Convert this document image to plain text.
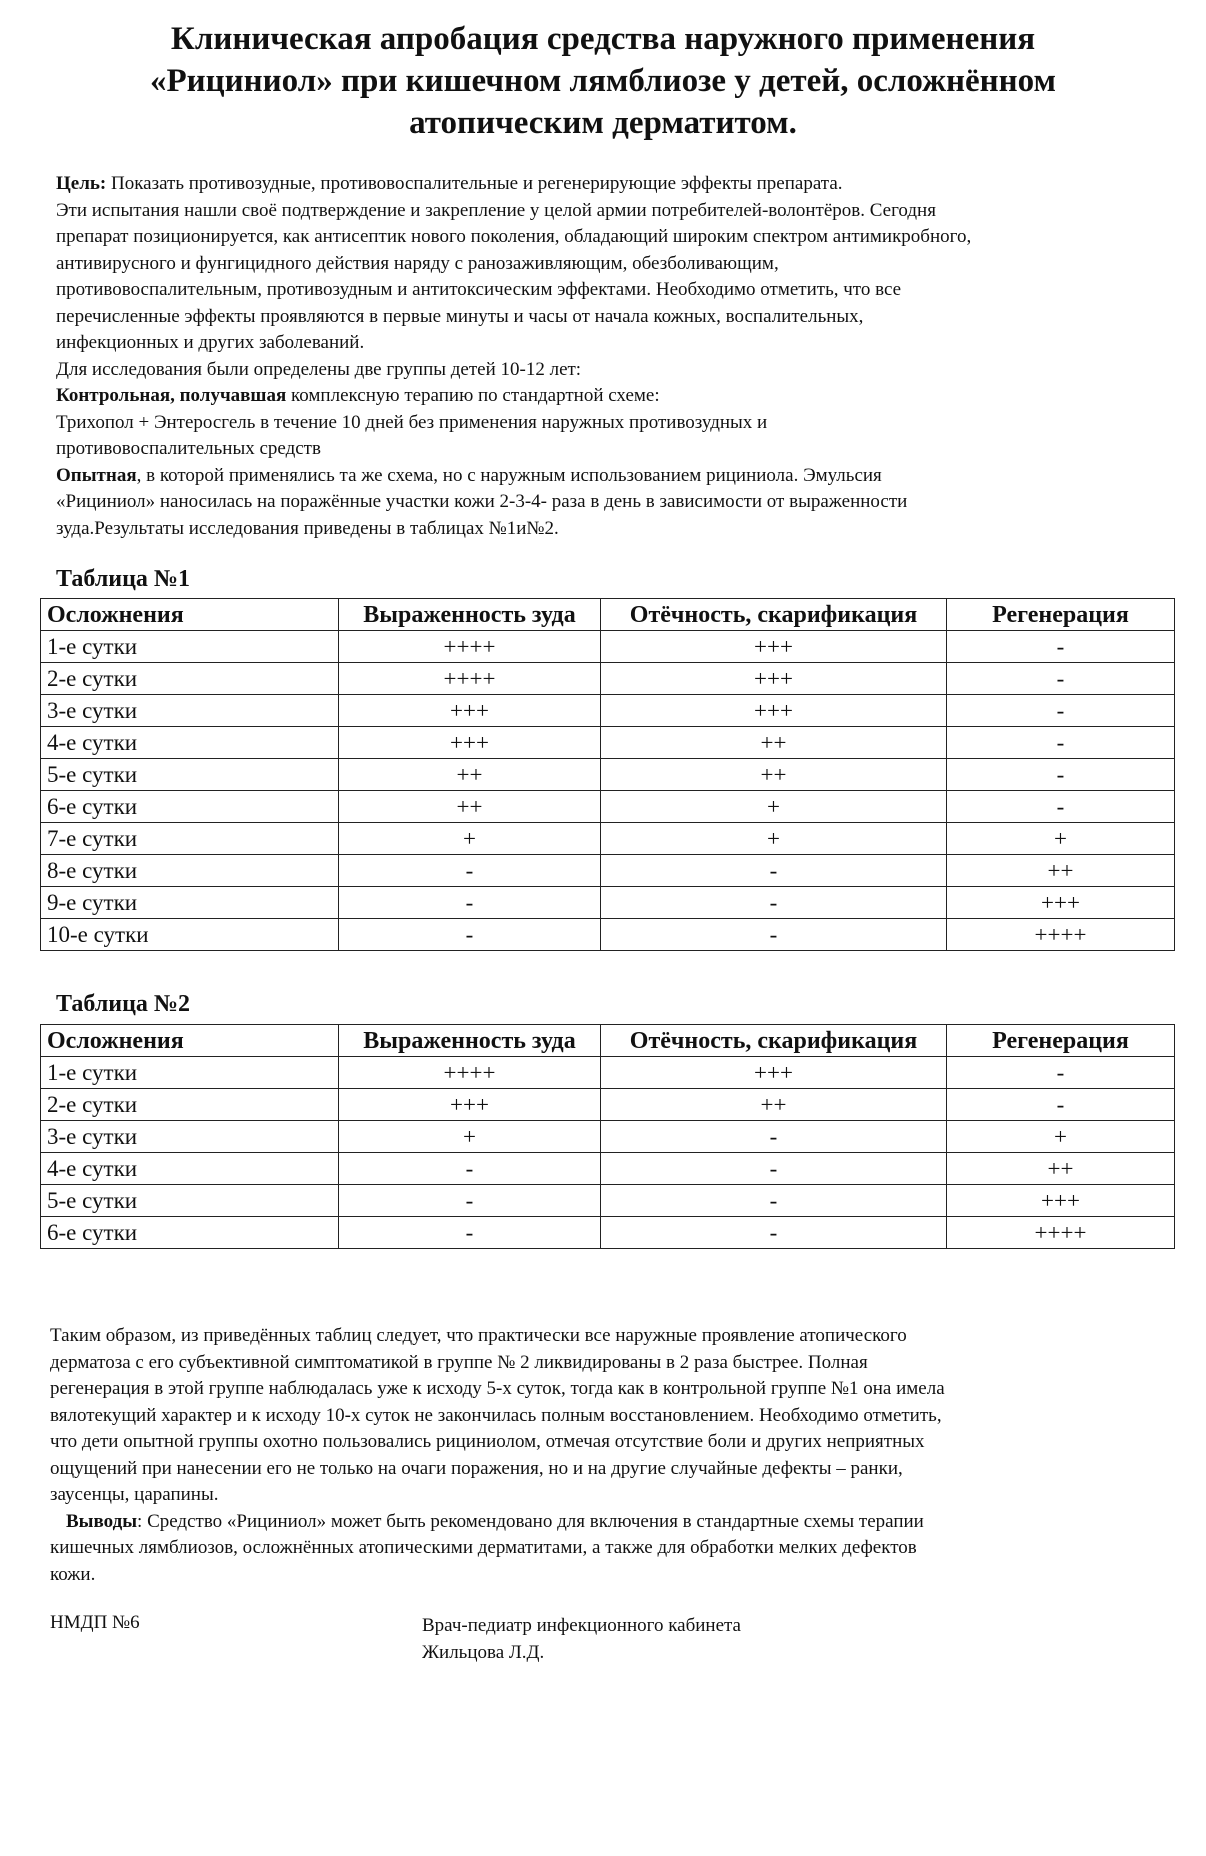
Клиническая апробация средства наружного применения
«Рициниол» при кишечном лямблиозе у детей, осложнённом
атопическим дерматитом.
Цель: Показать противозудные, противовоспалительные и регенерирующие эффекты препарата.
Эти испытания нашли своё подтверждение и закрепление у целой армии потребителей-волонтёров. Сегодня
препарат позиционируется, как антисептик нового поколения, обладающий широким спектром антимикробного,
антивирусного и фунгицидного действия наряду с ранозаживляющим, обезболивающим,
противовоспалительным, противозудным и антитоксическим эффектами. Необходимо отметить, что все
перечисленные эффекты проявляются в первые минуты и часы от начала кожных, воспалительных,
инфекционных и других заболеваний.
Для исследования были определены две группы детей 10-12 лет:
Контрольная, получавшая комплексную терапию по стандартной схеме:
Трихопол + Энтеросгель в течение 10 дней без применения наружных противозудных и
противовоспалительных средств
Опытная, в которой применялись та же схема, но с наружным использованием рициниола. Эмульсия
«Рициниол» наносилась на поражённые участки кожи 2-3-4- раза в день в зависимости от выраженности
зуда.Результаты исследования приведены в таблицах №1и№2.
Таблица №1
Осложнения	Выраженность зуда	Отёчность, скарификация	Регенерация
1-е сутки	++++	+++	-
2-е сутки	++++	+++	-
3-е сутки	+++	+++	-
4-е сутки	+++	++	-
5-е сутки	++	++	-
6-е сутки	++	+	-
7-е сутки	+	+	+
8-е сутки	-	-	++
9-е сутки	-	-	+++
10-е сутки	-	-	++++
Таблица №2
Осложнения	Выраженность зуда	Отёчность, скарификация	Регенерация
1-е сутки	++++	+++	-
2-е сутки	+++	++	-
3-е сутки	+	-	+
4-е сутки	-	-	++
5-е сутки	-	-	+++
6-е сутки	-	-	++++
Таким образом, из приведённых таблиц следует, что практически все наружные проявление атопического
дерматоза с его субъективной симптоматикой в группе № 2 ликвидированы в 2 раза быстрее. Полная
регенерация в этой группе наблюдалась уже к исходу 5-х суток, тогда как в контрольной группе №1 она имела
вялотекущий характер и к исходу 10-х суток не закончилась полным восстановлением. Необходимо отметить,
что дети опытной группы охотно пользовались рициниолом, отмечая отсутствие боли и других неприятных
ощущений при нанесении его не только на очаги поражения, но и на другие случайные дефекты – ранки,
заусенцы, царапины.
Выводы: Средство «Рициниол» может быть рекомендовано для включения в стандартные схемы терапии
кишечных лямблиозов, осложнённых атопическими дерматитами, а также для обработки мелких дефектов
кожи.
НМДП №6	Врач-педиатр инфекционного кабинета
Жильцова Л.Д.
